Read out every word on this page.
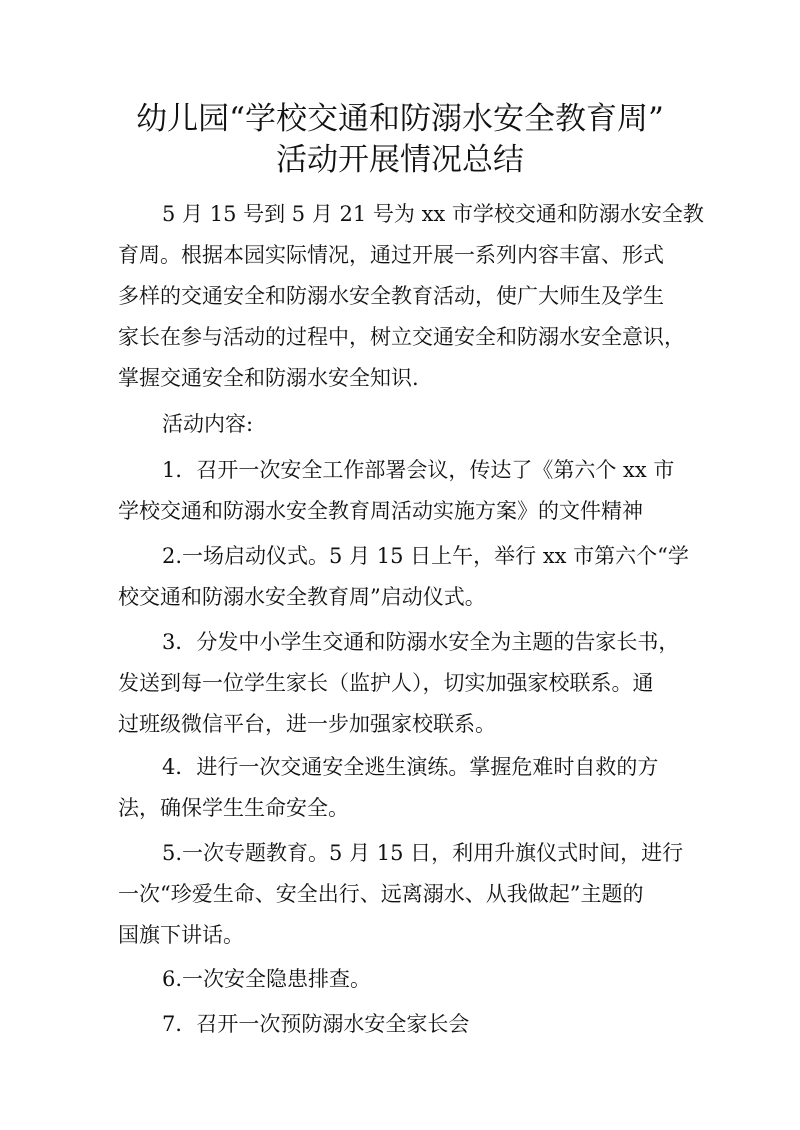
幼儿园“学校交通和防溺水安全教育周”
活动开展情况总结

5 月 15 号到 5 月 21 号为 xx 市学校交通和防溺水安全教

育周。根据本园实际情况，通过开展一系列内容丰富、形式

多样的交通安全和防溺水安全教育活动，使广大师生及学生

家长在参与活动的过程中，树立交通安全和防溺水安全意识，

掌握交通安全和防溺水安全知识.

活动内容:

1．召开一次安全工作部署会议，传达了《第六个 xx 市

学校交通和防溺水安全教育周活动实施方案》的文件精神

2.一场启动仪式。5 月 15 日上午，举行 xx 市第六个“学

校交通和防溺水安全教育周”启动仪式。

3．分发中小学生交通和防溺水安全为主题的告家长书，

发送到每一位学生家长（监护人），切实加强家校联系。通

过班级微信平台，进一步加强家校联系。

4．进行一次交通安全逃生演练。掌握危难时自救的方

法，确保学生生命安全。

5.一次专题教育。5 月 15 日，利用升旗仪式时间，进行

一次“珍爱生命、安全出行、远离溺水、从我做起”主题的

国旗下讲话。

6.一次安全隐患排查。

7．召开一次预防溺水安全家长会
